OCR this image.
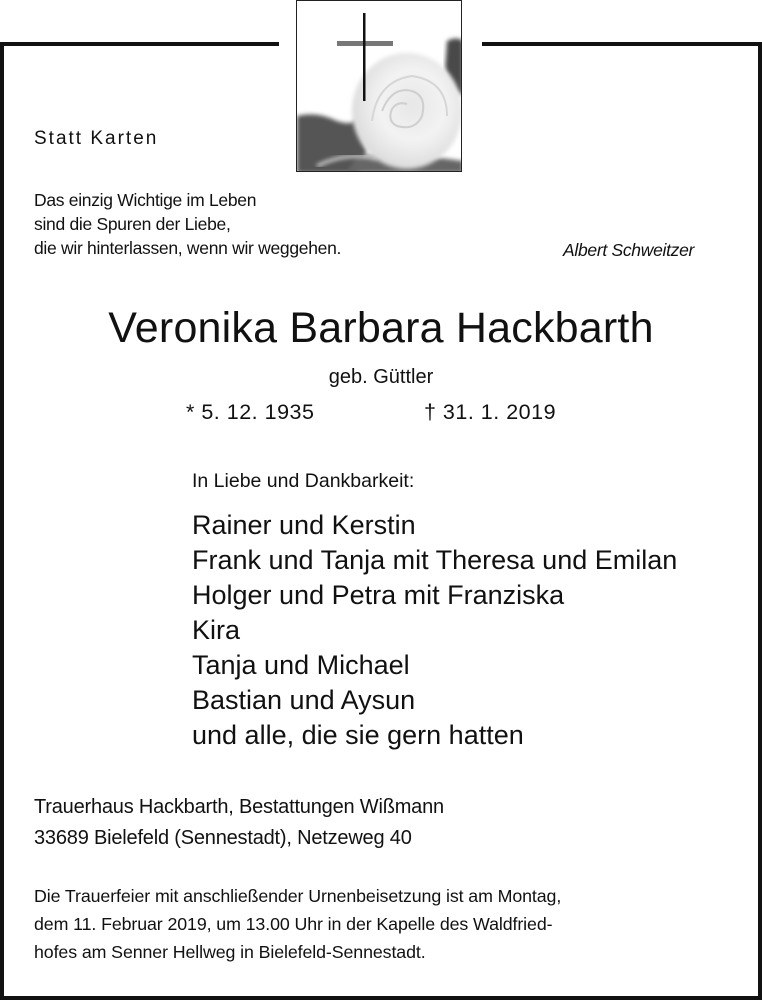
Statt Karten
Das einzig Wichtige im Leben
sind die Spuren der Liebe,
die wir hinterlassen, wenn wir weggehen.	Albert Schweitzer
Veronika Barbara Hackbarth
geb. Güttler
* 5. 12. 1935	† 31. 1. 2019
In Liebe und Dankbarkeit:
Rainer und Kerstin
Frank und Tanja mit Theresa und Emilan
Holger und Petra mit Franziska
Kira
Tanja und Michael
Bastian und Aysun
und alle, die sie gern hatten
Trauerhaus Hackbarth, Bestattungen Wißmann
33689 Bielefeld (Sennestadt), Netzeweg 40
Die Trauerfeier mit anschließender Urnenbeisetzung ist am Montag,
dem 11. Februar 2019, um 13.00 Uhr in der Kapelle des Waldfried-
hofes am Senner Hellweg in Bielefeld-Sennestadt.
